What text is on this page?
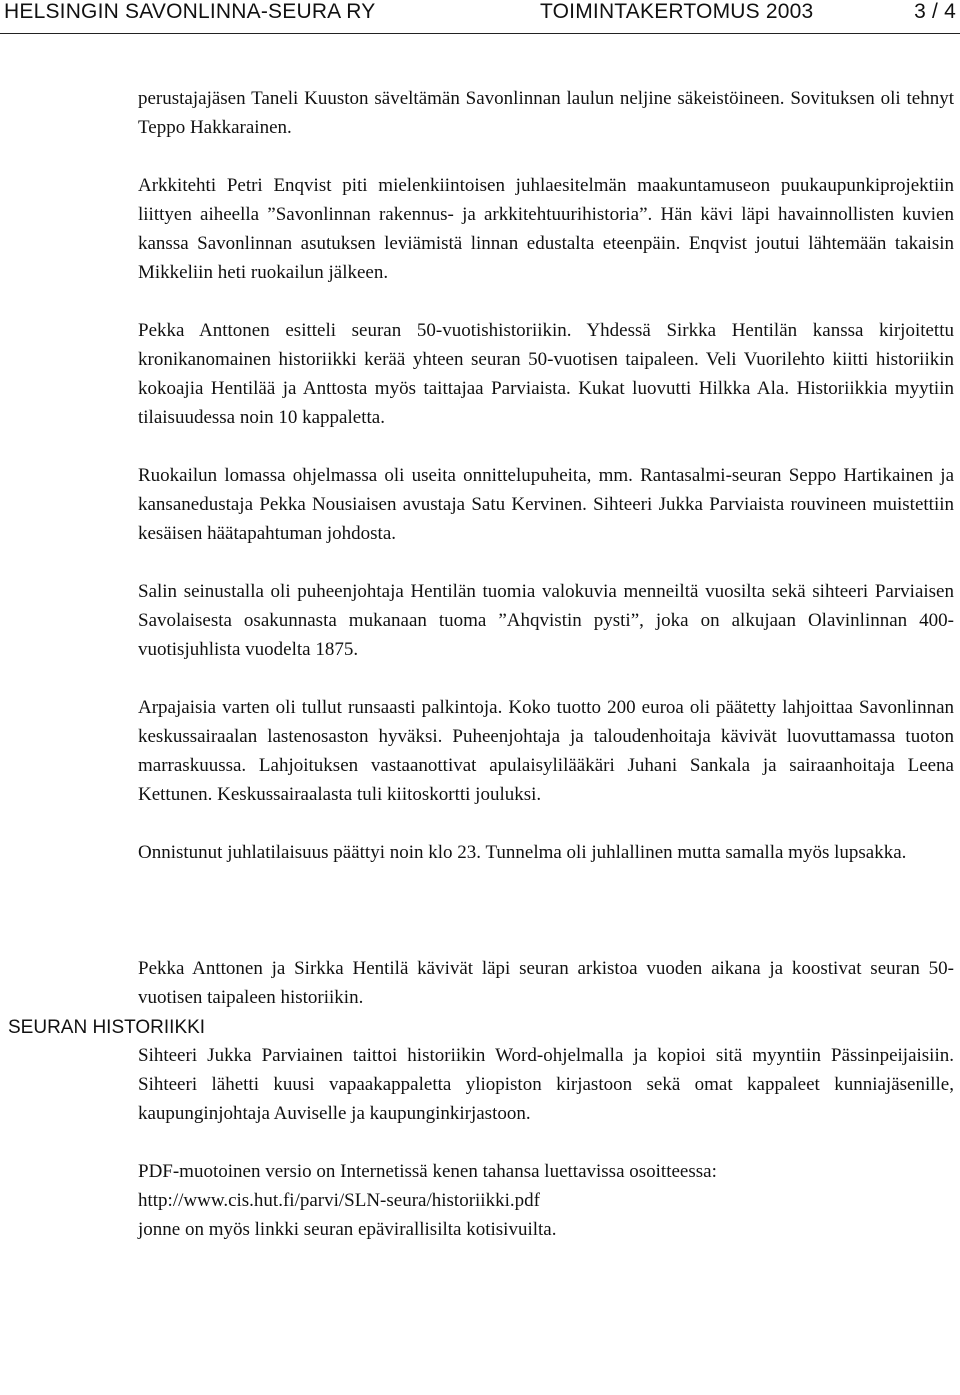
HELSINGIN SAVONLINNA-SEURA RY	TOIMINTAKERTOMUS 2003	3 / 4

perustajajäsen Taneli Kuuston säveltämän Savonlinnan laulun neljine säkeistöineen. Sovituksen oli tehnyt Teppo Hakkarainen.

Arkkitehti Petri Enqvist piti mielenkiintoisen juhlaesitelmän maakuntamuseon puukaupunkiprojektiin liittyen aiheella ”Savonlinnan rakennus- ja arkkitehtuurihistoria”. Hän kävi läpi havainnollisten kuvien kanssa Savonlinnan asutuksen leviämistä linnan edustalta eteenpäin. Enqvist joutui lähtemään takaisin Mikkeliin heti ruokailun jälkeen.

Pekka Anttonen esitteli seuran 50-vuotishistoriikin. Yhdessä Sirkka Hentilän kanssa kirjoitettu kronikanomainen historiikki kerää yhteen seuran 50-vuotisen taipaleen. Veli Vuorilehto kiitti historiikin kokoajia Hentilää ja Anttosta myös taittajaa Parviaista. Kukat luovutti Hilkka Ala. Historiikkia myytiin tilaisuudessa noin 10 kappaletta.

Ruokailun lomassa ohjelmassa oli useita onnittelupuheita, mm. Rantasalmi-seuran Seppo Hartikainen ja kansanedustaja Pekka Nousiaisen avustaja Satu Kervinen. Sihteeri Jukka Parviaista rouvineen muistettiin kesäisen häätapahtuman johdosta.

Salin seinustalla oli puheenjohtaja Hentilän tuomia valokuvia menneiltä vuosilta sekä sihteeri Parviaisen Savolaisesta osakunnasta mukanaan tuoma ”Ahqvistin pysti”, joka on alkujaan Olavinlinnan 400-vuotisjuhlista vuodelta 1875.

Arpajaisia varten oli tullut runsaasti palkintoja. Koko tuotto 200 euroa oli päätetty lahjoittaa Savonlinnan keskussairaalan lastenosaston hyväksi. Puheenjohtaja ja taloudenhoitaja kävivät luovuttamassa tuoton marraskuussa. Lahjoituksen vastaanottivat apulaisylilääkäri Juhani Sankala ja sairaanhoitaja Leena Kettunen. Keskussairaalasta tuli kiitoskortti jouluksi.

Onnistunut juhlatilaisuus päättyi noin klo 23. Tunnelma oli juhlallinen mutta samalla myös lupsakka.

Pekka Anttonen ja Sirkka Hentilä kävivät läpi seuran arkistoa vuoden aikana ja koostivat seuran 50-vuotisen taipaleen historiikin.

Sihteeri Jukka Parviainen taittoi historiikin Word-ohjelmalla ja kopioi sitä myyntiin Pässinpeijaisiin. Sihteeri lähetti kuusi vapaakappaletta yliopiston kirjastoon sekä omat kappaleet kunniajäsenille, kaupunginjohtaja Auviselle ja kaupunginkirjastoon.

PDF-muotoinen versio on Internetissä kenen tahansa luettavissa osoitteessa:

http://www.cis.hut.fi/parvi/SLN-seura/historiikki.pdf

jonne on myös linkki seuran epävirallisilta kotisivuilta.

SEURAN HISTORIIKKI
